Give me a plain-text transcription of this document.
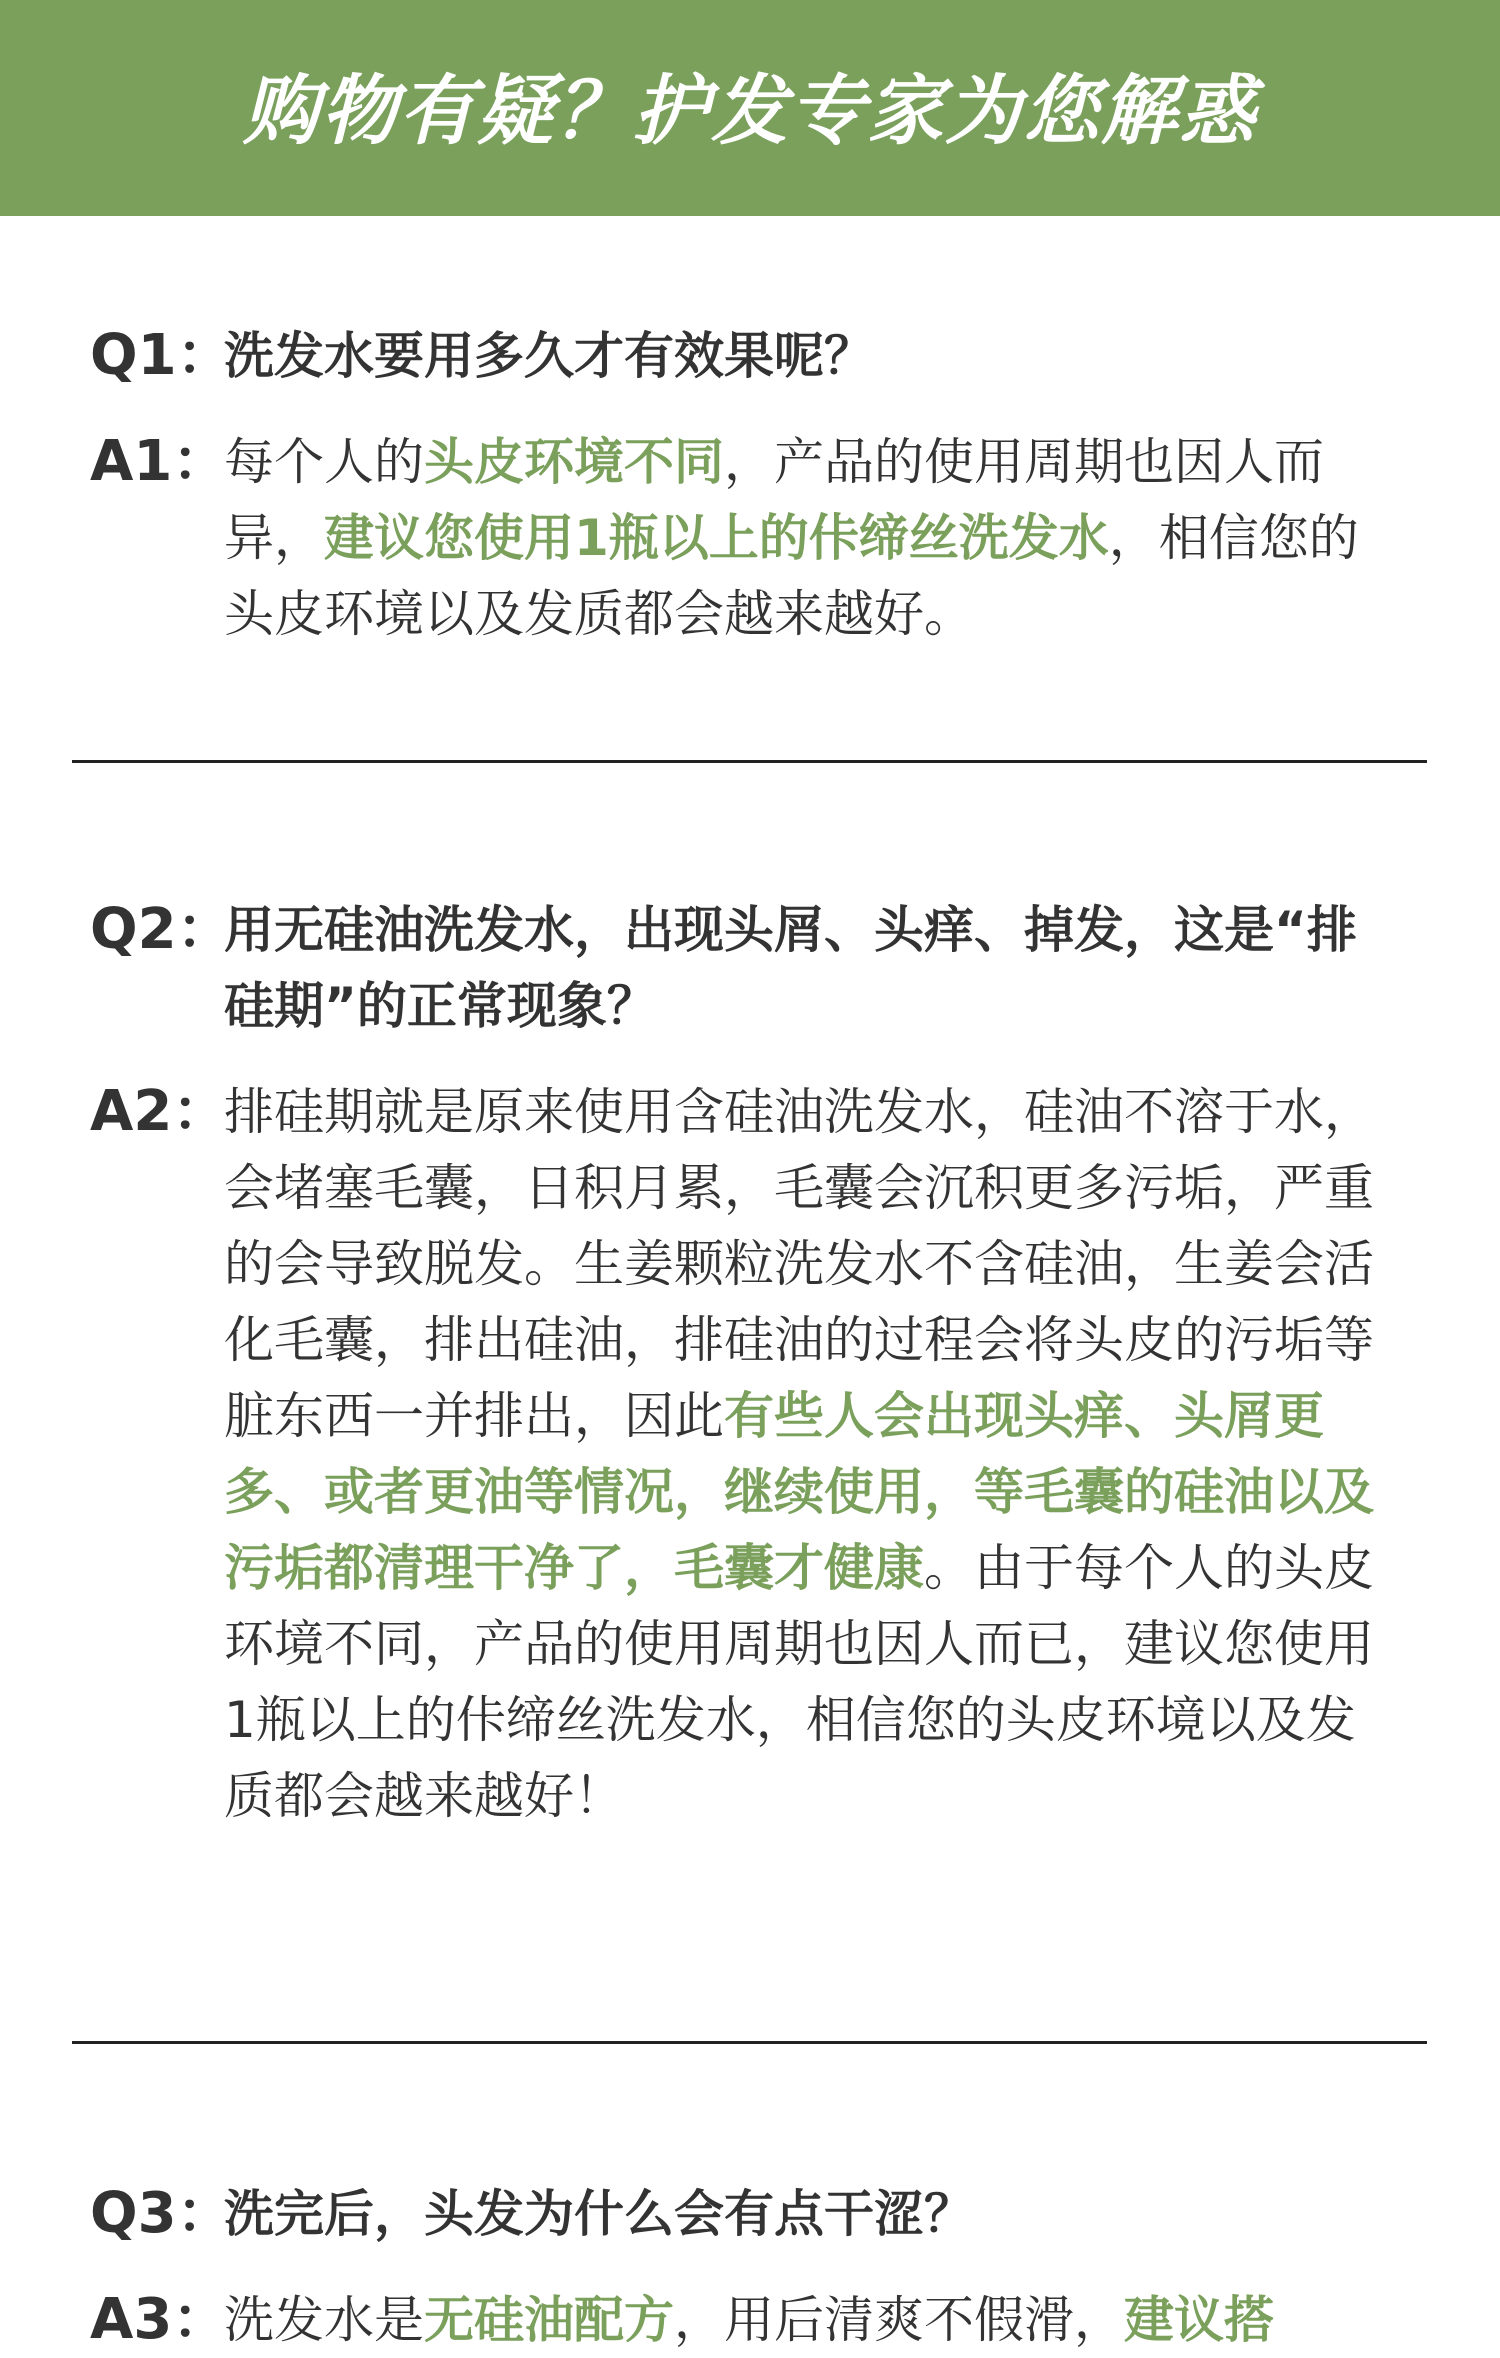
购物有疑？护发专家为您解惑
Q1：
洗发水要用多久才有效果呢？
A1：
每个人的头皮环境不同，产品的使用周期也因人而异，建议您使用1瓶以上的佧缔丝洗发水，相信您的头皮环境以及发质都会越来越好。
Q2：
用无硅油洗发水，出现头屑、头痒、掉发，这是“排硅期”的正常现象？
A2：
排硅期就是原来使用含硅油洗发水，硅油不溶于水，会堵塞毛囊，日积月累，毛囊会沉积更多污垢，严重的会导致脱发。生姜颗粒洗发水不含硅油，生姜会活化毛囊，排出硅油，排硅油的过程会将头皮的污垢等脏东西一并排出，因此有些人会出现头痒、头屑更多、或者更油等情况，继续使用，等毛囊的硅油以及污垢都清理干净了，毛囊才健康。由于每个人的头皮环境不同，产品的使用周期也因人而已，建议您使用1瓶以上的佧缔丝洗发水，相信您的头皮环境以及发质都会越来越好！
Q3：
洗完后，头发为什么会有点干涩？
A3：
洗发水是无硅油配方，用后清爽不假滑，建议搭
